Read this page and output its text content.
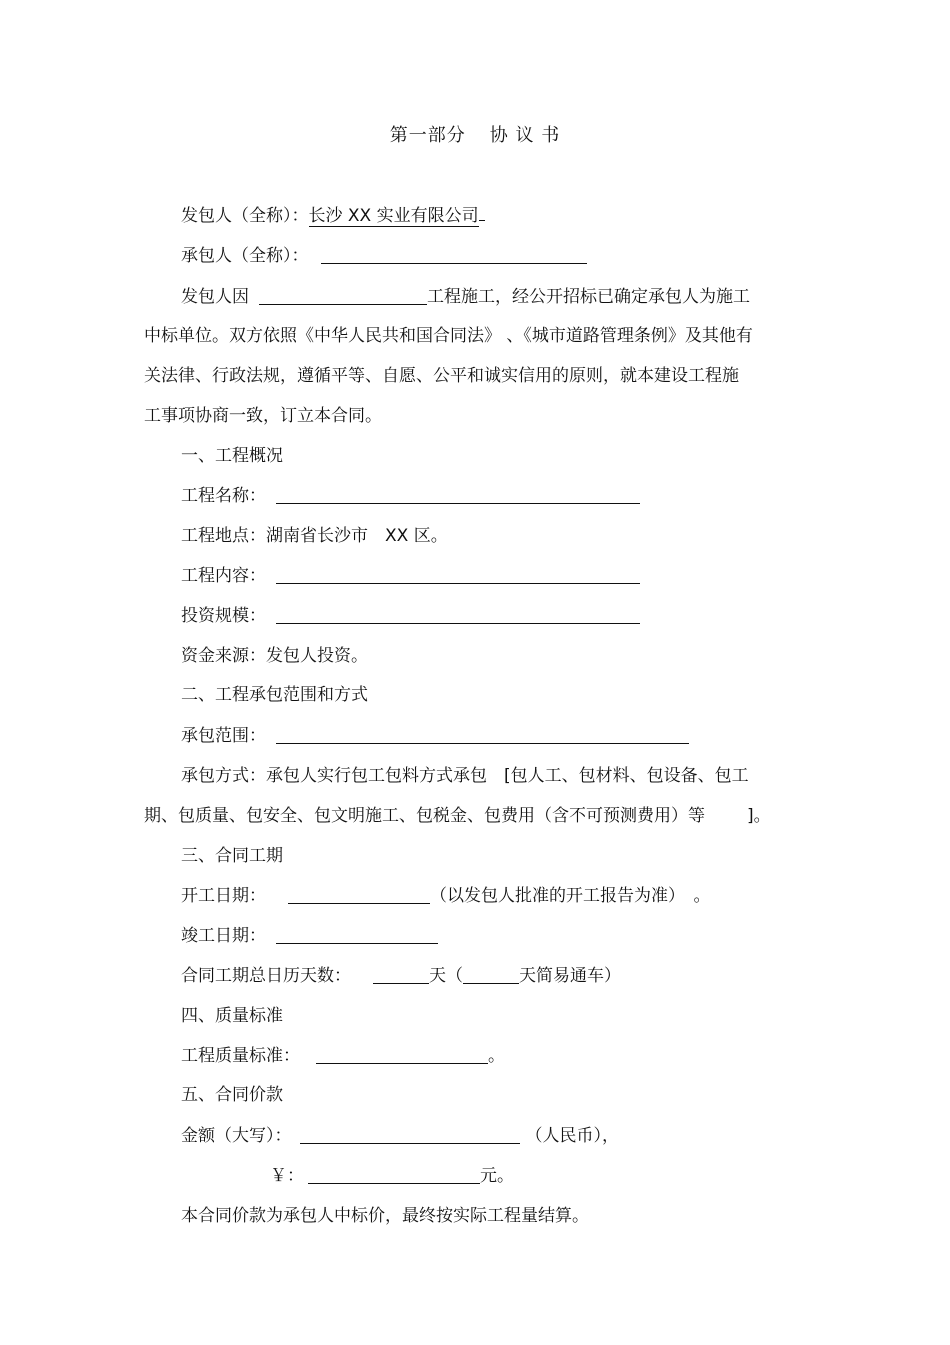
第一部分 协 议 书
发包人（全称）：长沙 XX 实业有限公司
承包人（全称）：
发包人因	工程施工，经公开招标已确定承包人为施工
中标单位。双方依照《中华人民共和国合同法》 、《城市道路管理条例》及其他有
关法律、行政法规，遵循平等、自愿、公平和诚实信用的原则，就本建设工程施
工事项协商一致，订立本合同。
一、工程概况
工程名称：
工程地点：湖南省长沙市　XX 区。
工程内容：
投资规模：
资金来源：发包人投资。
二、工程承包范围和方式
承包范围：
承包方式：承包人实行包工包料方式承包　[包人工、包材料、包设备、包工
期、包质量、包安全、包文明施工、包税金、包费用（含不可预测费用）等 ]。
三、合同工期
开工日期：	（以发包人批准的开工报告为准）　。
竣工日期：
合同工期总日历天数：	天（	天简易通车）
四、质量标准
工程质量标准：	。
五、合同价款
金额（大写）：	（人民币），
￥：	元。
本合同价款为承包人中标价，最终按实际工程量结算。
